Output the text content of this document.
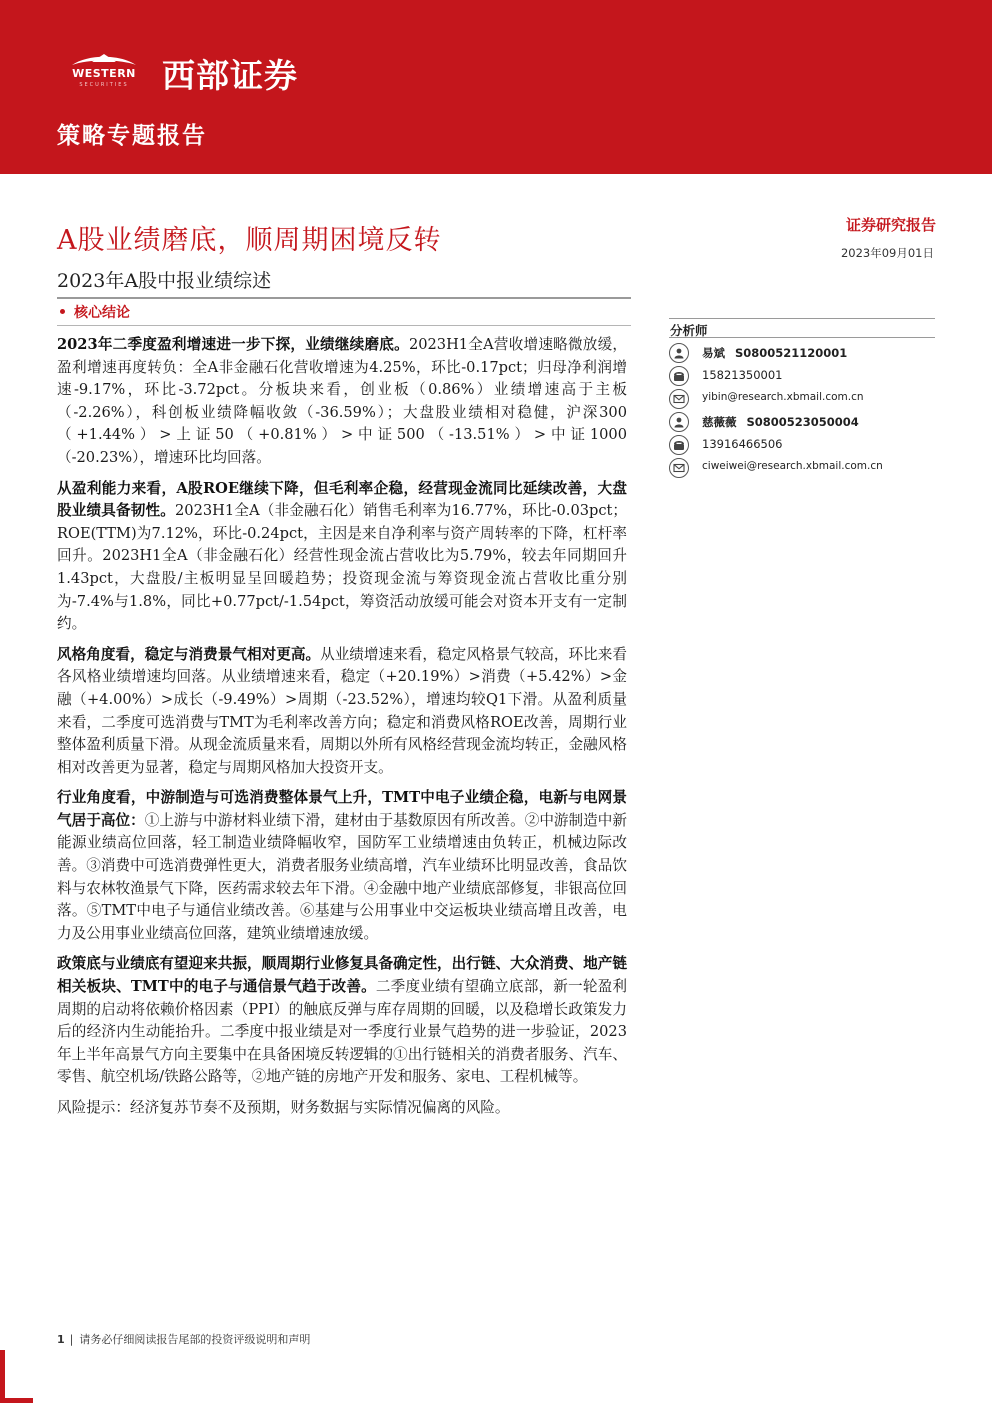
WESTERN
SECURITIES	西部证券
策略专题报告
A股业绩磨底，顺周期困境反转
2023年A股中报业绩综述
核心结论
证券研究报告
2023年09月01日
分析师
易斌 S0800521120001
15821350001
yibin@research.xbmail.com.cn
慈薇薇 S0800523050004
13916466506
ciweiwei@research.xbmail.com.cn

2023年二季度盈利增速进一步下探，业绩继续磨底。2023H1全A营收增速略微放缓，盈利增速再度转负：全A非金融石化营收增速为4.25%，环比-0.17pct；归母净利润增速-9.17%，环比-3.72pct。分板块来看，创业板（0.86%）业绩增速高于主板（-2.26%），科创板业绩降幅收敛（-36.59%）；大盘股业绩相对稳健，沪深300（+1.44%）>上证50（+0.81%）>中证500（-13.51%）>中证1000（-20.23%），增速环比均回落。

从盈利能力来看，A股ROE继续下降，但毛利率企稳，经营现金流同比延续改善，大盘股业绩具备韧性。2023H1全A（非金融石化）销售毛利率为16.77%，环比-0.03pct；ROE(TTM)为7.12%，环比-0.24pct，主因是来自净利率与资产周转率的下降，杠杆率回升。2023H1全A（非金融石化）经营性现金流占营收比为5.79%，较去年同期回升1.43pct，大盘股/主板明显呈回暖趋势；投资现金流与筹资现金流占营收比重分别为-7.4%与1.8%，同比+0.77pct/-1.54pct，筹资活动放缓可能会对资本开支有一定制约。

风格角度看，稳定与消费景气相对更高。从业绩增速来看，稳定风格景气较高，环比来看各风格业绩增速均回落。从业绩增速来看，稳定（+20.19%）>消费（+5.42%）>金融（+4.00%）>成长（-9.49%）>周期（-23.52%），增速均较Q1下滑。从盈利质量来看，二季度可选消费与TMT为毛利率改善方向；稳定和消费风格ROE改善，周期行业整体盈利质量下滑。从现金流质量来看，周期以外所有风格经营现金流均转正，金融风格相对改善更为显著，稳定与周期风格加大投资开支。

行业角度看，中游制造与可选消费整体景气上升，TMT中电子业绩企稳，电新与电网景气居于高位：①上游与中游材料业绩下滑，建材由于基数原因有所改善。②中游制造中新能源业绩高位回落，轻工制造业绩降幅收窄，国防军工业绩增速由负转正，机械边际改善。③消费中可选消费弹性更大，消费者服务业绩高增，汽车业绩环比明显改善，食品饮料与农林牧渔景气下降，医药需求较去年下滑。④金融中地产业绩底部修复，非银高位回落。⑤TMT中电子与通信业绩改善。⑥基建与公用事业中交运板块业绩高增且改善，电力及公用事业业绩高位回落，建筑业绩增速放缓。

政策底与业绩底有望迎来共振，顺周期行业修复具备确定性，出行链、大众消费、地产链相关板块、TMT中的电子与通信景气趋于改善。二季度业绩有望确立底部，新一轮盈利周期的启动将依赖价格因素（PPI）的触底反弹与库存周期的回暖，以及稳增长政策发力后的经济内生动能抬升。二季度中报业绩是对一季度行业景气趋势的进一步验证，2023年上半年高景气方向主要集中在具备困境反转逻辑的①出行链相关的消费者服务、汽车、零售、航空机场/铁路公路等，②地产链的房地产开发和服务、家电、工程机械等。

风险提示：经济复苏节奏不及预期，财务数据与实际情况偏离的风险。

1 | 请务必仔细阅读报告尾部的投资评级说明和声明
